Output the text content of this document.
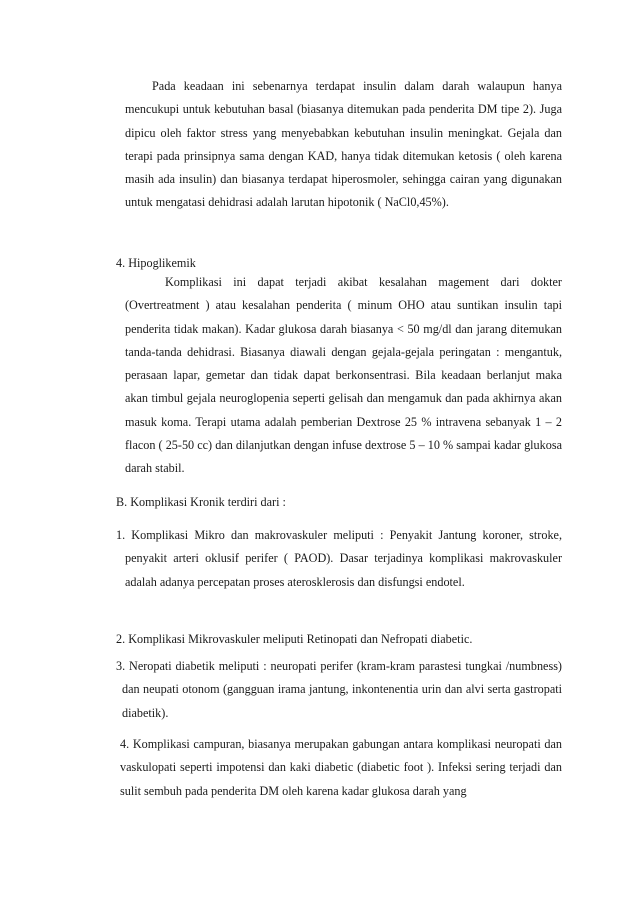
Pada keadaan ini sebenarnya terdapat insulin dalam darah walaupun hanya mencukupi untuk kebutuhan basal (biasanya ditemukan pada penderita DM tipe 2). Juga dipicu oleh faktor stress yang menyebabkan kebutuhan insulin meningkat. Gejala dan terapi pada prinsipnya sama dengan KAD, hanya tidak ditemukan ketosis ( oleh karena masih ada insulin) dan biasanya terdapat hiperosmoler, sehingga cairan yang digunakan untuk mengatasi dehidrasi adalah larutan hipotonik ( NaCl0,45%).

4. Hipoglikemik

Komplikasi ini dapat terjadi akibat kesalahan magement dari dokter (Overtreatment ) atau kesalahan penderita ( minum OHO atau suntikan insulin tapi penderita tidak makan). Kadar glukosa darah biasanya < 50 mg/dl dan jarang ditemukan tanda-tanda dehidrasi. Biasanya diawali dengan gejala-gejala peringatan : mengantuk, perasaan lapar, gemetar dan tidak dapat berkonsentrasi. Bila keadaan berlanjut maka akan timbul gejala neuroglopenia seperti gelisah dan mengamuk dan pada akhirnya akan masuk koma. Terapi utama adalah pemberian Dextrose 25 % intravena sebanyak 1 – 2 flacon ( 25-50 cc) dan dilanjutkan dengan infuse dextrose 5 – 10 % sampai kadar glukosa darah stabil.

B. Komplikasi Kronik terdiri dari :

1. Komplikasi Mikro dan makrovaskuler meliputi : Penyakit Jantung koroner, stroke, penyakit arteri oklusif perifer ( PAOD). Dasar terjadinya komplikasi makrovaskuler adalah adanya percepatan proses aterosklerosis dan disfungsi endotel.

2. Komplikasi Mikrovaskuler meliputi Retinopati dan Nefropati diabetic.

3. Neropati diabetik meliputi : neuropati perifer (kram-kram parastesi tungkai /numbness) dan neupati otonom (gangguan irama jantung, inkontenentia urin dan alvi serta gastropati diabetik).

4. Komplikasi campuran, biasanya merupakan gabungan antara komplikasi neuropati dan vaskulopati seperti impotensi dan kaki diabetic (diabetic foot ). Infeksi sering terjadi dan sulit sembuh pada penderita DM oleh karena kadar glukosa darah yang
